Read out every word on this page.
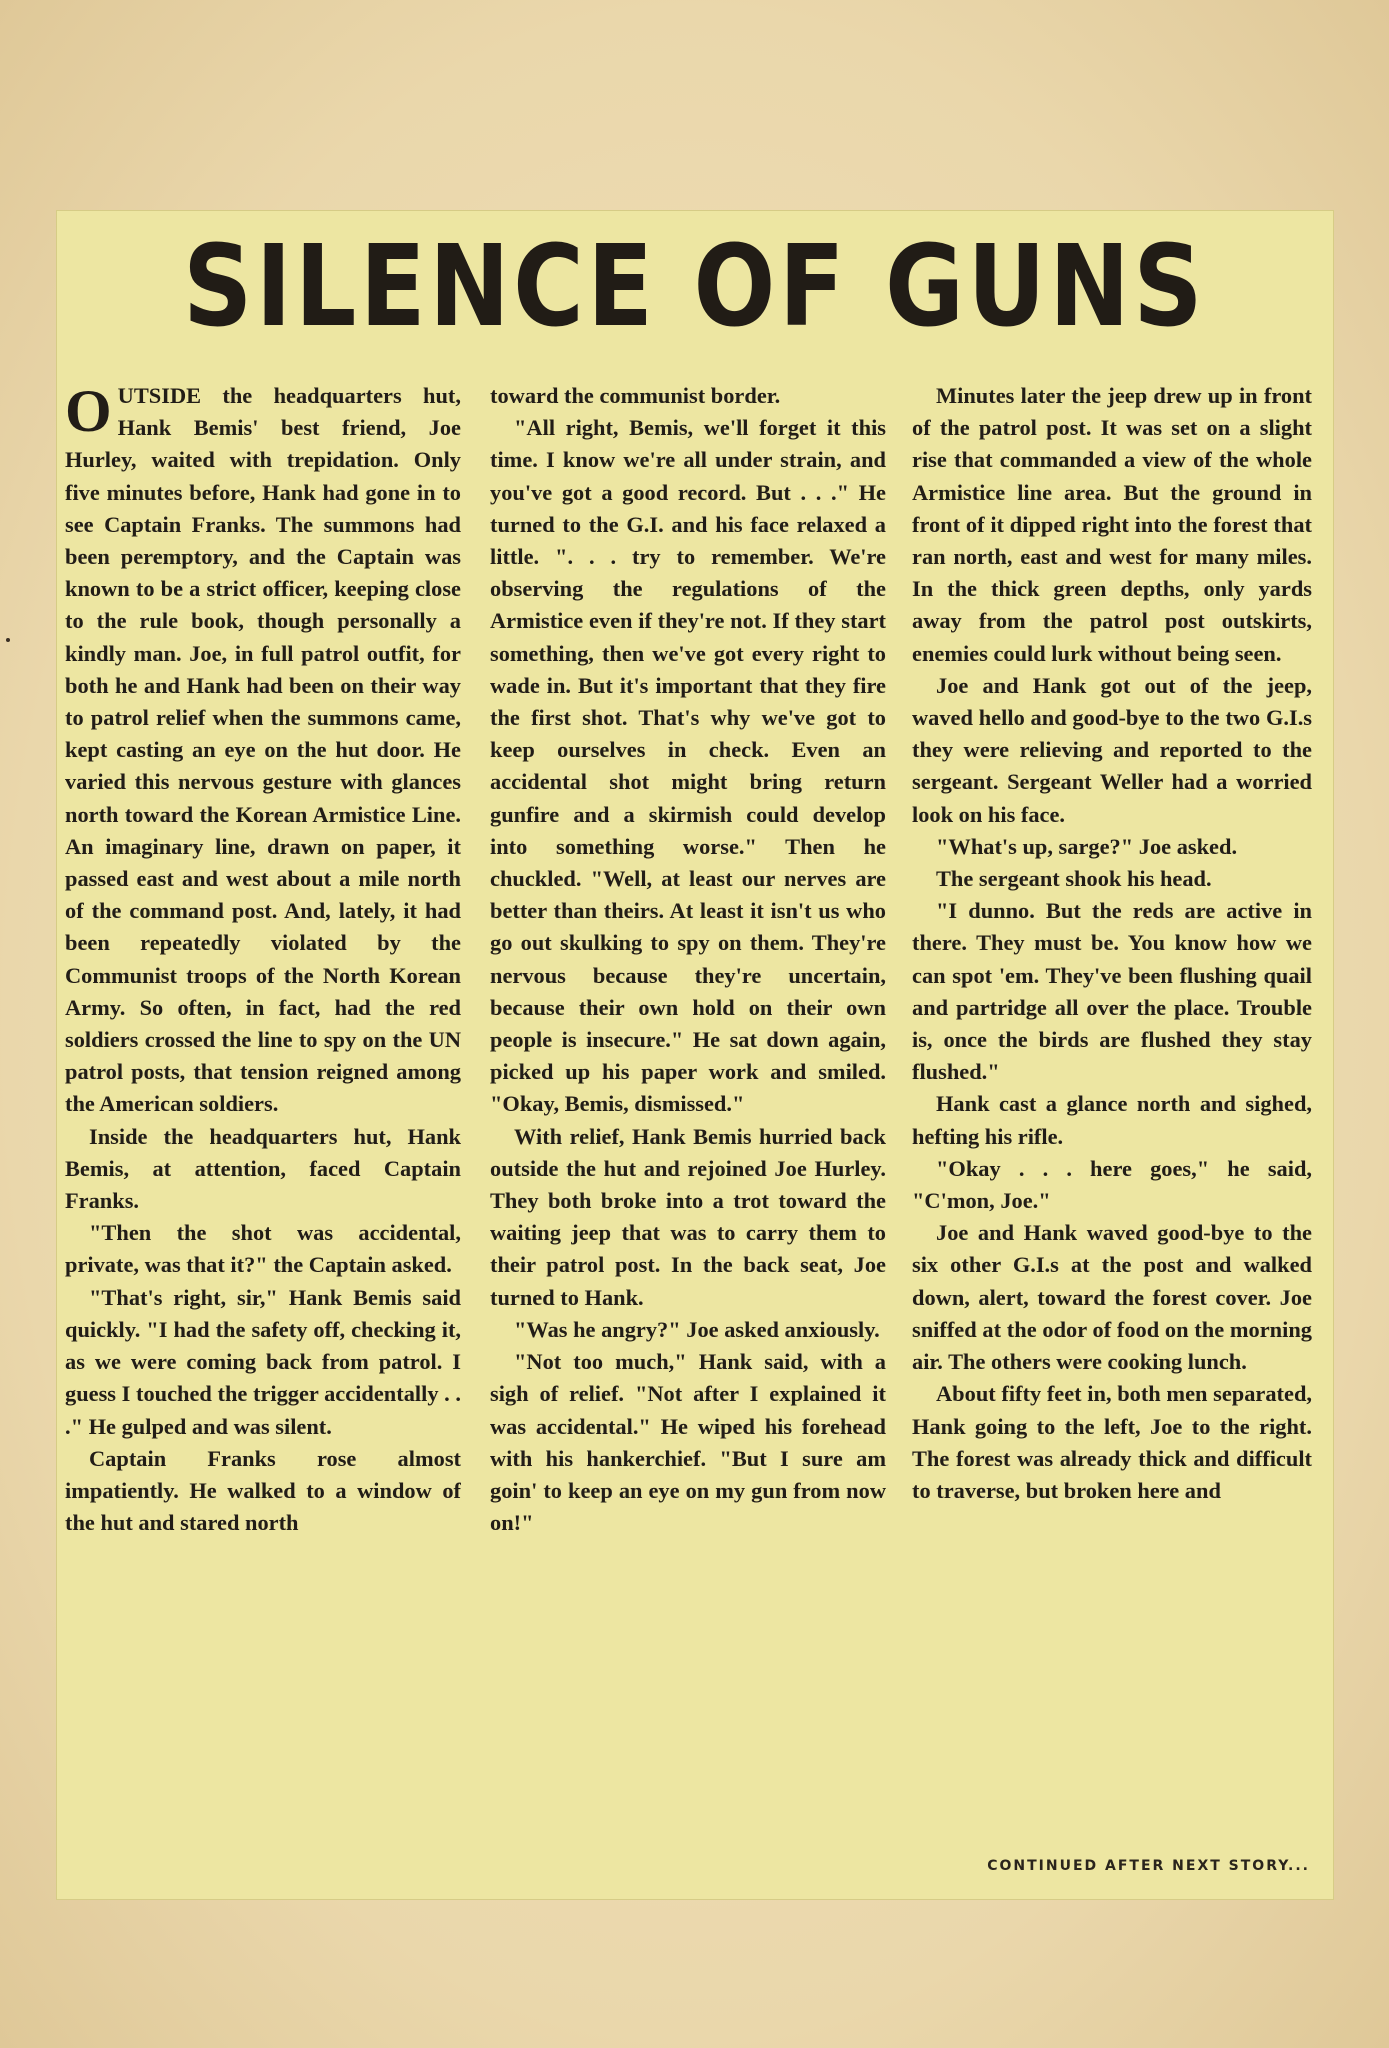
SILENCE OF GUNS

OUTSIDE the headquarters hut, Hank Bemis' best friend, Joe Hurley, waited with trepidation. Only five minutes before, Hank had gone in to see Captain Franks. The summons had been peremptory, and the Captain was known to be a strict officer, keeping close to the rule book, though personally a kindly man. Joe, in full patrol outfit, for both he and Hank had been on their way to patrol relief when the summons came, kept casting an eye on the hut door. He varied this nervous gesture with glances north toward the Korean Armistice Line. An imaginary line, drawn on paper, it passed east and west about a mile north of the command post. And, lately, it had been repeatedly violated by the Communist troops of the North Korean Army. So often, in fact, had the red soldiers crossed the line to spy on the UN patrol posts, that tension reigned among the American soldiers.

Inside the headquarters hut, Hank Bemis, at attention, faced Captain Franks.

"Then the shot was accidental, private, was that it?" the Captain asked.

"That's right, sir," Hank Bemis said quickly. "I had the safety off, checking it, as we were coming back from patrol. I guess I touched the trigger accidentally . . ." He gulped and was silent.

Captain Franks rose almost impatiently. He walked to a window of the hut and stared north

toward the communist border.

"All right, Bemis, we'll forget it this time. I know we're all under strain, and you've got a good record. But . . ." He turned to the G.I. and his face relaxed a little. ". . . try to remember. We're observing the regulations of the Armistice even if they're not. If they start something, then we've got every right to wade in. But it's important that they fire the first shot. That's why we've got to keep ourselves in check. Even an accidental shot might bring return gunfire and a skirmish could develop into something worse." Then he chuckled. "Well, at least our nerves are better than theirs. At least it isn't us who go out skulking to spy on them. They're nervous because they're uncertain, because their own hold on their own people is insecure." He sat down again, picked up his paper work and smiled. "Okay, Bemis, dismissed."

With relief, Hank Bemis hurried back outside the hut and rejoined Joe Hurley. They both broke into a trot toward the waiting jeep that was to carry them to their patrol post. In the back seat, Joe turned to Hank.

"Was he angry?" Joe asked anxiously.

"Not too much," Hank said, with a sigh of relief. "Not after I explained it was accidental." He wiped his forehead with his hankerchief. "But I sure am goin' to keep an eye on my gun from now on!"

Minutes later the jeep drew up in front of the patrol post. It was set on a slight rise that commanded a view of the whole Armistice line area. But the ground in front of it dipped right into the forest that ran north, east and west for many miles. In the thick green depths, only yards away from the patrol post outskirts, enemies could lurk without being seen.

Joe and Hank got out of the jeep, waved hello and good-bye to the two G.I.s they were relieving and reported to the sergeant. Sergeant Weller had a worried look on his face.

"What's up, sarge?" Joe asked.

The sergeant shook his head.

"I dunno. But the reds are active in there. They must be. You know how we can spot 'em. They've been flushing quail and partridge all over the place. Trouble is, once the birds are flushed they stay flushed."

Hank cast a glance north and sighed, hefting his rifle.

"Okay . . . here goes," he said, "C'mon, Joe."

Joe and Hank waved good-bye to the six other G.I.s at the post and walked down, alert, toward the forest cover. Joe sniffed at the odor of food on the morning air. The others were cooking lunch.

About fifty feet in, both men separated, Hank going to the left, Joe to the right. The forest was already thick and difficult to traverse, but broken here and

CONTINUED AFTER NEXT STORY...
